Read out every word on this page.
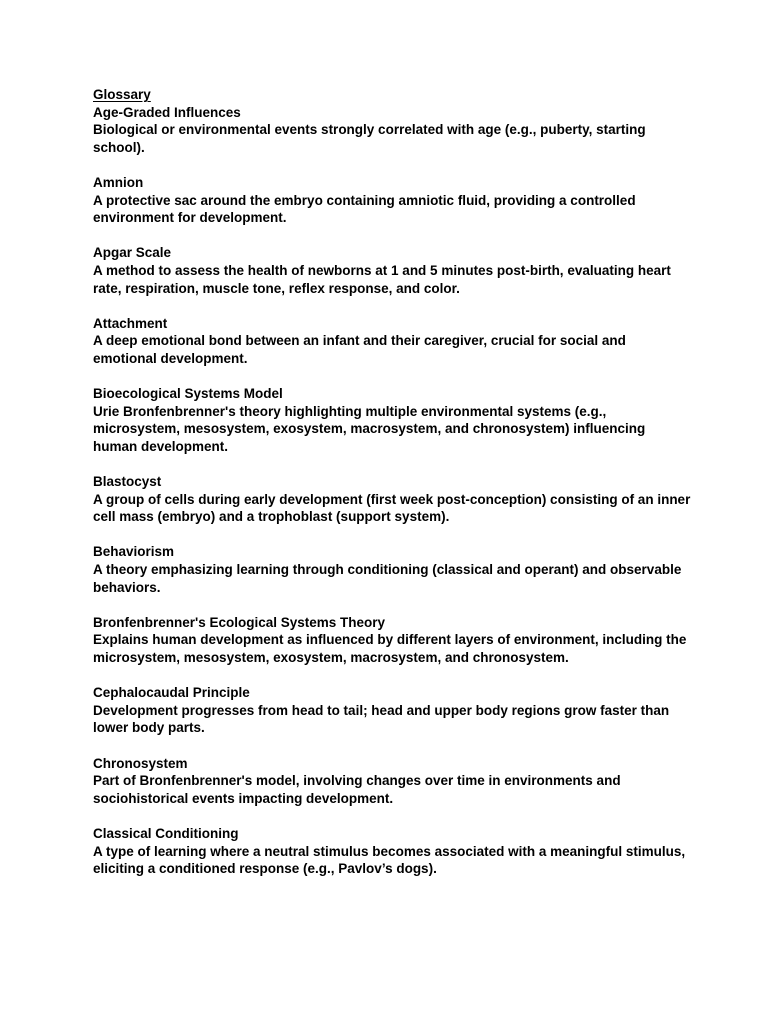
Glossary

Age-Graded Influences

Biological or environmental events strongly correlated with age (e.g., puberty, starting school).

Amnion

A protective sac around the embryo containing amniotic fluid, providing a controlled environment for development.

Apgar Scale

A method to assess the health of newborns at 1 and 5 minutes post-birth, evaluating heart rate, respiration, muscle tone, reflex response, and color.

Attachment

A deep emotional bond between an infant and their caregiver, crucial for social and emotional development.

Bioecological Systems Model

Urie Bronfenbrenner's theory highlighting multiple environmental systems (e.g., microsystem, mesosystem, exosystem, macrosystem, and chronosystem) influencing human development.

Blastocyst

A group of cells during early development (first week post-conception) consisting of an inner cell mass (embryo) and a trophoblast (support system).

Behaviorism

A theory emphasizing learning through conditioning (classical and operant) and observable behaviors.

Bronfenbrenner's Ecological Systems Theory

Explains human development as influenced by different layers of environment, including the microsystem, mesosystem, exosystem, macrosystem, and chronosystem.

Cephalocaudal Principle

Development progresses from head to tail; head and upper body regions grow faster than lower body parts.

Chronosystem

Part of Bronfenbrenner's model, involving changes over time in environments and sociohistorical events impacting development.

Classical Conditioning

A type of learning where a neutral stimulus becomes associated with a meaningful stimulus, eliciting a conditioned response (e.g., Pavlov’s dogs).
